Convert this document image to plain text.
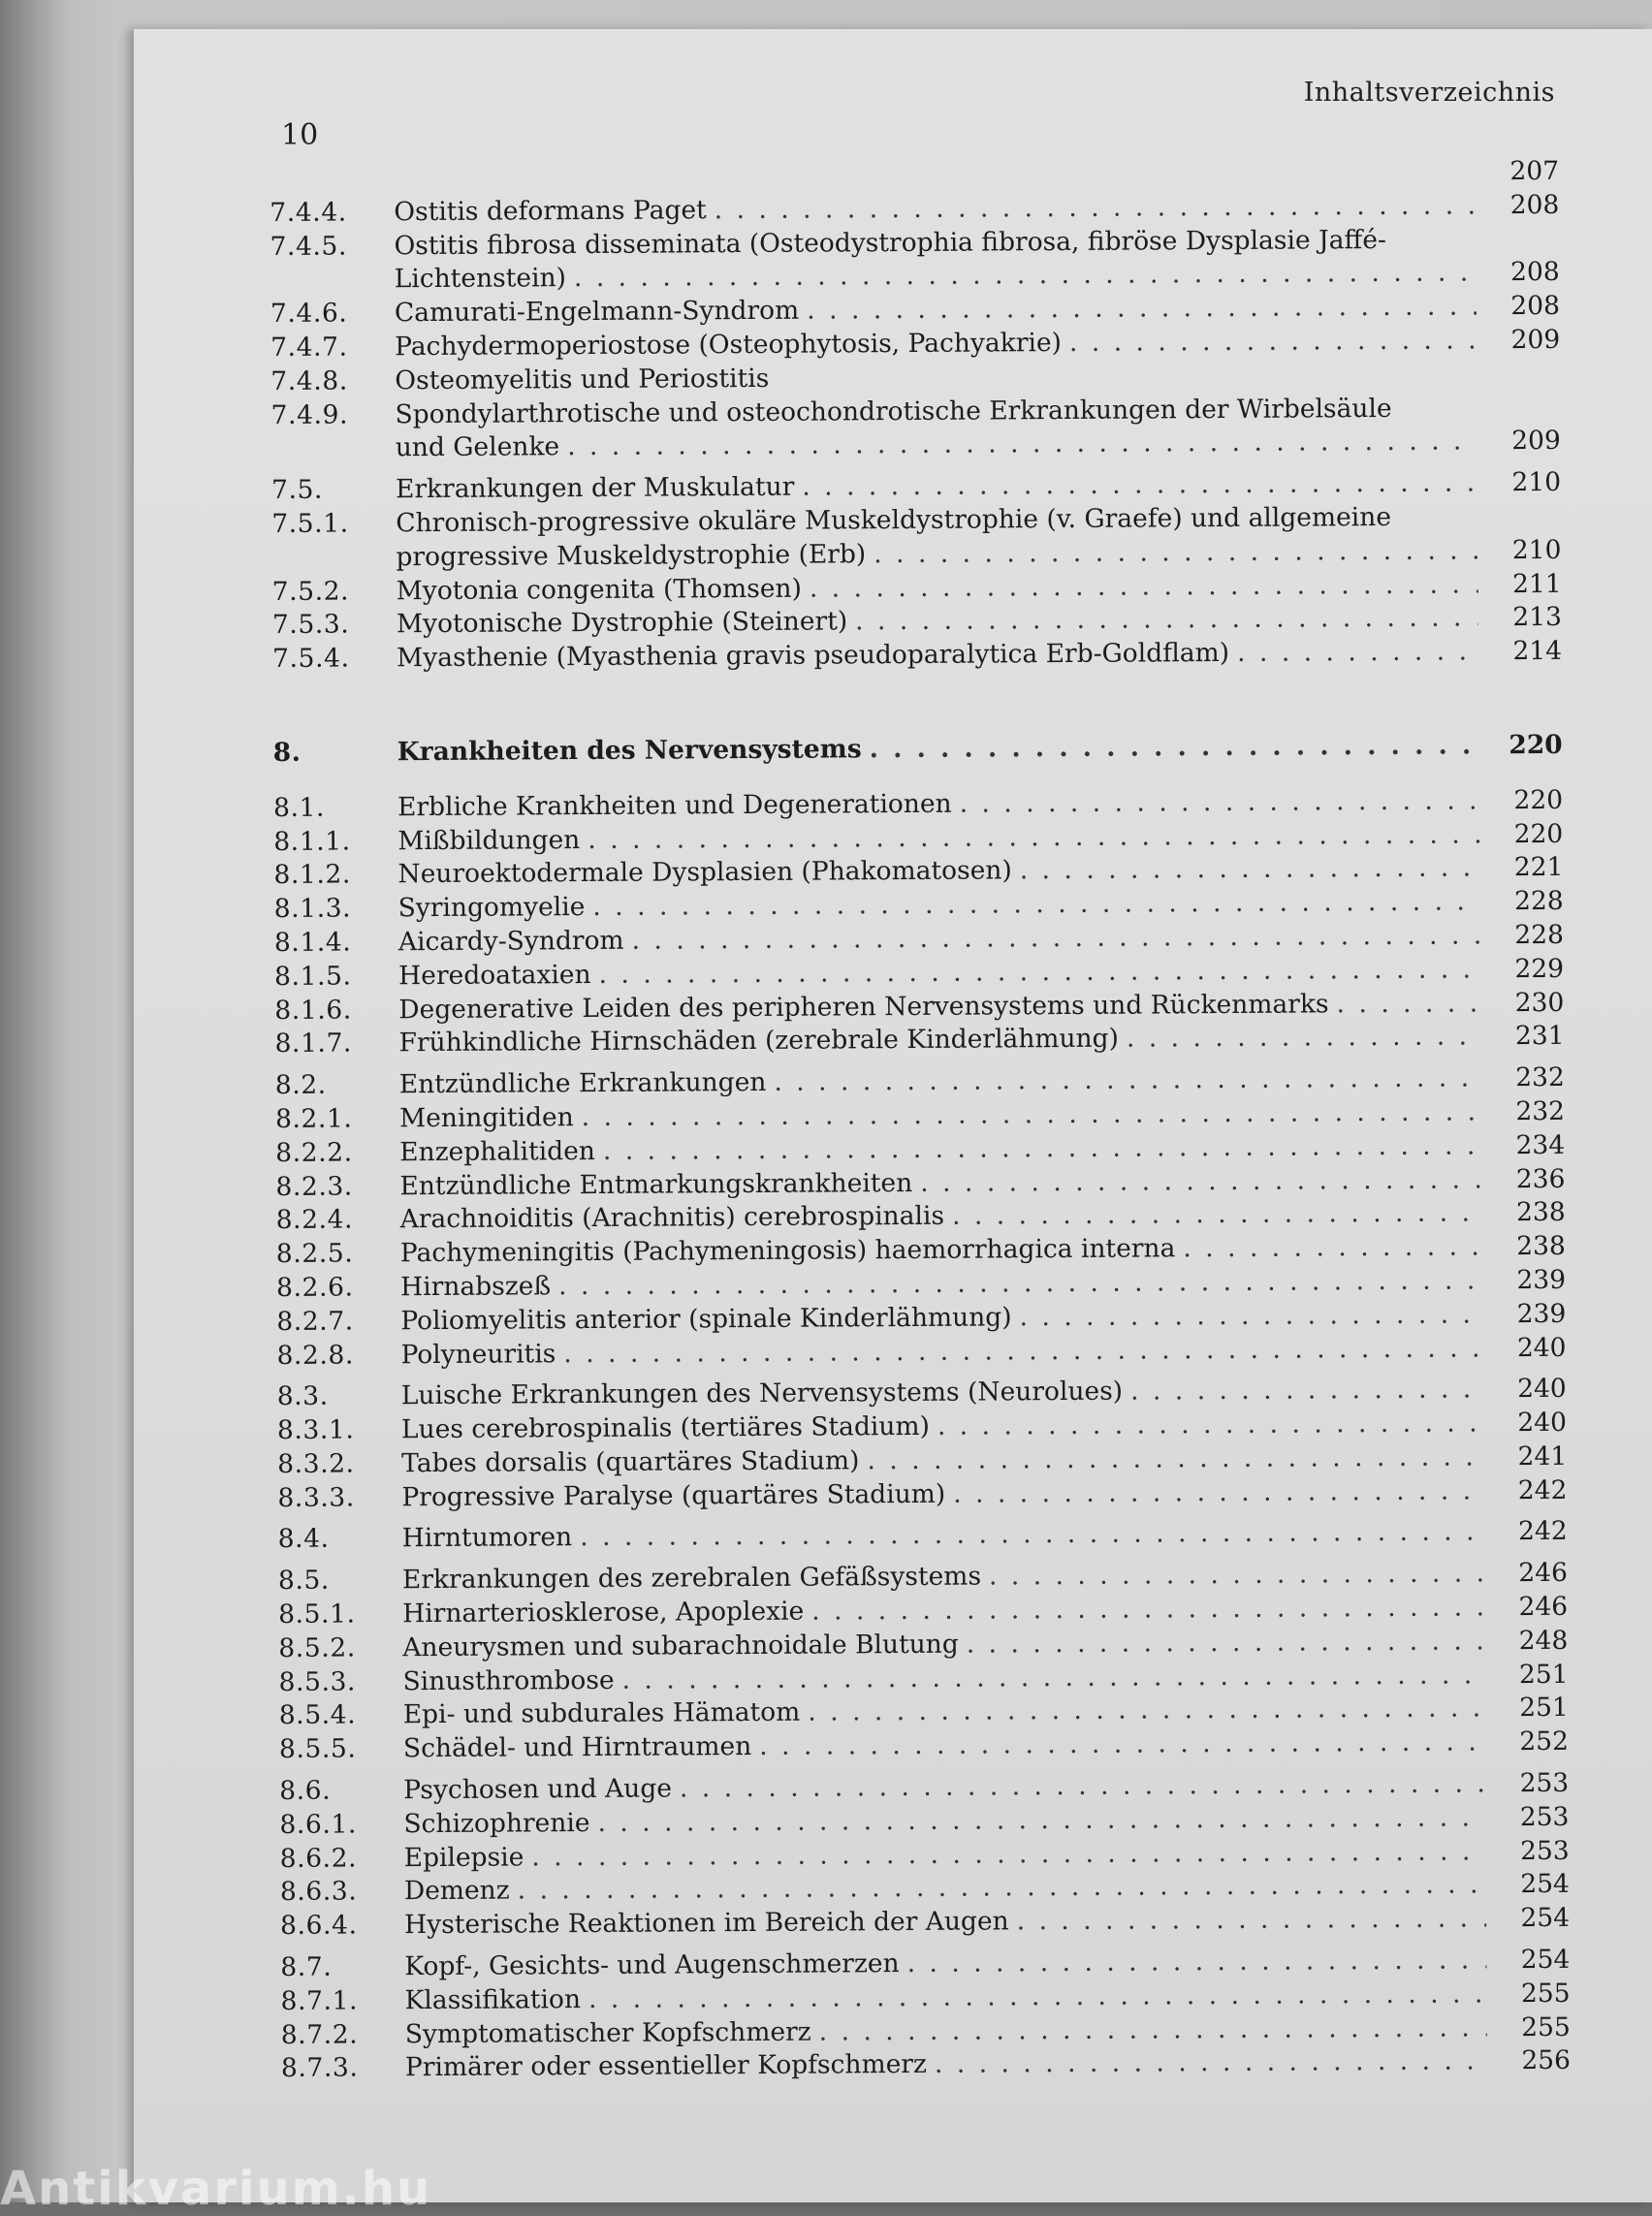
Inhaltsverzeichnis
10
207
7.4.4.	Ostitis deformans Paget
. . .	208
7.4.5.	Ostitis fibrosa disseminata (Osteodystrophia fibrosa, fibröse Dysplasie Jaffé-
Lichtenstein)
. . .	208
7.4.6.	Camurati-Engelmann-Syndrom
. . .	208
7.4.7.	Pachydermoperiostose (Osteophytosis, Pachyakrie)
. . .	209
7.4.8.	Osteomyelitis und Periostitis
7.4.9.	Spondylarthrotische und osteochondrotische Erkrankungen der Wirbelsäule
und Gelenke
. . .	209
7.5.	Erkrankungen der Muskulatur
. . .	210
7.5.1.	Chronisch-progressive okuläre Muskeldystrophie (v. Graefe) und allgemeine
progressive Muskeldystrophie (Erb)
. . .	210
7.5.2.	Myotonia congenita (Thomsen)
. . .	211
7.5.3.	Myotonische Dystrophie (Steinert)
. . .	213
7.5.4.	Myasthenie (Myasthenia gravis pseudoparalytica Erb-Goldflam)
. . .	214
8.	Krankheiten des Nervensystems
. . .	220
8.1.	Erbliche Krankheiten und Degenerationen
. . .	220
8.1.1.	Mißbildungen
. . .	220
8.1.2.	Neuroektodermale Dysplasien (Phakomatosen)
. . .	221
8.1.3.	Syringomyelie
. . .	228
8.1.4.	Aicardy-Syndrom
. . .	228
8.1.5.	Heredoataxien
. . .	229
8.1.6.	Degenerative Leiden des peripheren Nervensystems und Rückenmarks
. . .	230
8.1.7.	Frühkindliche Hirnschäden (zerebrale Kinderlähmung)
. . .	231
8.2.	Entzündliche Erkrankungen
. . .	232
8.2.1.	Meningitiden
. . .	232
8.2.2.	Enzephalitiden
. . .	234
8.2.3.	Entzündliche Entmarkungskrankheiten
. . .	236
8.2.4.	Arachnoiditis (Arachnitis) cerebrospinalis
. . .	238
8.2.5.	Pachymeningitis (Pachymeningosis) haemorrhagica interna
. . .	238
8.2.6.	Hirnabszeß
. . .	239
8.2.7.	Poliomyelitis anterior (spinale Kinderlähmung)
. . .	239
8.2.8.	Polyneuritis
. . .	240
8.3.	Luische Erkrankungen des Nervensystems (Neurolues)
. . .	240
8.3.1.	Lues cerebrospinalis (tertiäres Stadium)
. . .	240
8.3.2.	Tabes dorsalis (quartäres Stadium)
. . .	241
8.3.3.	Progressive Paralyse (quartäres Stadium)
. . .	242
8.4.	Hirntumoren
. . .	242
8.5.	Erkrankungen des zerebralen Gefäßsystems
. . .	246
8.5.1.	Hirnarteriosklerose, Apoplexie
. . .	246
8.5.2.	Aneurysmen und subarachnoidale Blutung
. . .	248
8.5.3.	Sinusthrombose
. . .	251
8.5.4.	Epi- und subdurales Hämatom
. . .	251
8.5.5.	Schädel- und Hirntraumen
. . .	252
8.6.	Psychosen und Auge
. . .	253
8.6.1.	Schizophrenie
. . .	253
8.6.2.	Epilepsie
. . .	253
8.6.3.	Demenz
. . .	254
8.6.4.	Hysterische Reaktionen im Bereich der Augen
. . .	254
8.7.	Kopf-, Gesichts- und Augenschmerzen
. . .	254
8.7.1.	Klassifikation
. . .	255
8.7.2.	Symptomatischer Kopfschmerz
. . .	255
8.7.3.	Primärer oder essentieller Kopfschmerz
. . .	256
Antikvarium.hu
